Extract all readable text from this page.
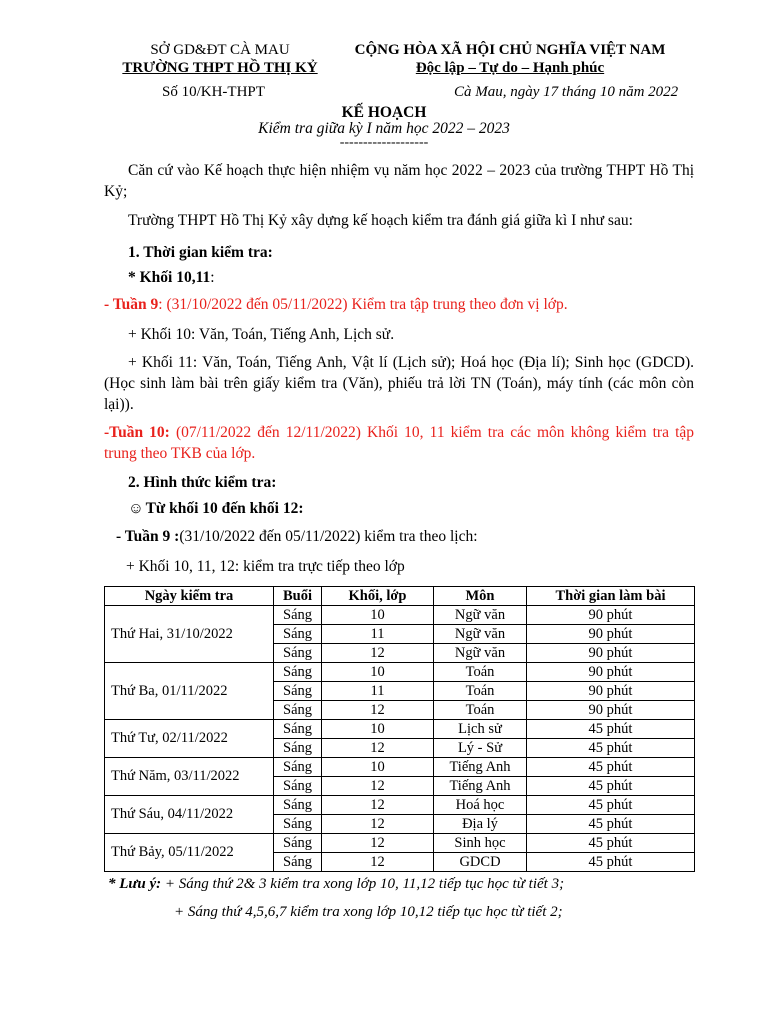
SỞ GD&ĐT CÀ MAU
TRƯỜNG THPT HỒ THỊ KỶ
CỘNG HÒA XÃ HỘI CHỦ NGHĨA VIỆT NAM
Độc lập – Tự do – Hạnh phúc
Số 10/KH-THPT	Cà Mau, ngày 17 tháng 10 năm 2022
KẾ HOẠCH
Kiểm tra giữa kỳ I năm học 2022 – 2023
-------------------
Căn cứ vào Kế hoạch thực hiện nhiệm vụ năm học 2022 – 2023 của trường THPT Hồ Thị Kỷ;
Trường THPT Hồ Thị Kỷ xây dựng kế hoạch kiểm tra đánh giá giữa kì I như sau:
1. Thời gian kiểm tra:
* Khối 10,11:
- Tuần 9: (31/10/2022 đến 05/11/2022) Kiểm tra tập trung theo đơn vị lớp.
+ Khối 10: Văn, Toán, Tiếng Anh, Lịch sử.
+ Khối 11: Văn, Toán, Tiếng Anh, Vật lí (Lịch sử); Hoá học (Địa lí); Sinh học (GDCD). (Học sinh làm bài trên giấy kiểm tra (Văn), phiếu trả lời TN (Toán), máy tính (các môn còn lại)).
-Tuần 10: (07/11/2022 đến 12/11/2022) Khối 10, 11 kiểm tra các môn không kiểm tra tập trung theo TKB của lớp.
2. Hình thức kiểm tra:
☺ Từ khối 10 đến khối 12:
- Tuần 9 :(31/10/2022 đến 05/11/2022) kiểm tra theo lịch:
+ Khối 10, 11, 12: kiểm tra trực tiếp theo lớp
Ngày kiểm tra	Buổi	Khối, lớp	Môn	Thời gian làm bài
Thứ Hai, 31/10/2022	Sáng	10	Ngữ văn	90 phút
	Sáng	11	Ngữ văn	90 phút
	Sáng	12	Ngữ văn	90 phút
Thứ Ba, 01/11/2022	Sáng	10	Toán	90 phút
	Sáng	11	Toán	90 phút
	Sáng	12	Toán	90 phút
Thứ Tư, 02/11/2022	Sáng	10	Lịch sử	45 phút
	Sáng	12	Lý - Sử	45 phút
Thứ Năm, 03/11/2022	Sáng	10	Tiếng Anh	45 phút
	Sáng	12	Tiếng Anh	45 phút
Thứ Sáu, 04/11/2022	Sáng	12	Hoá học	45 phút
	Sáng	12	Địa lý	45 phút
Thứ Bảy, 05/11/2022	Sáng	12	Sinh học	45 phút
	Sáng	12	GDCD	45 phút
* Lưu ý: + Sáng thứ 2& 3 kiểm tra xong lớp 10, 11,12 tiếp tục học từ tiết 3;
+ Sáng thứ 4,5,6,7 kiểm tra xong lớp 10,12 tiếp tục học từ tiết 2;
